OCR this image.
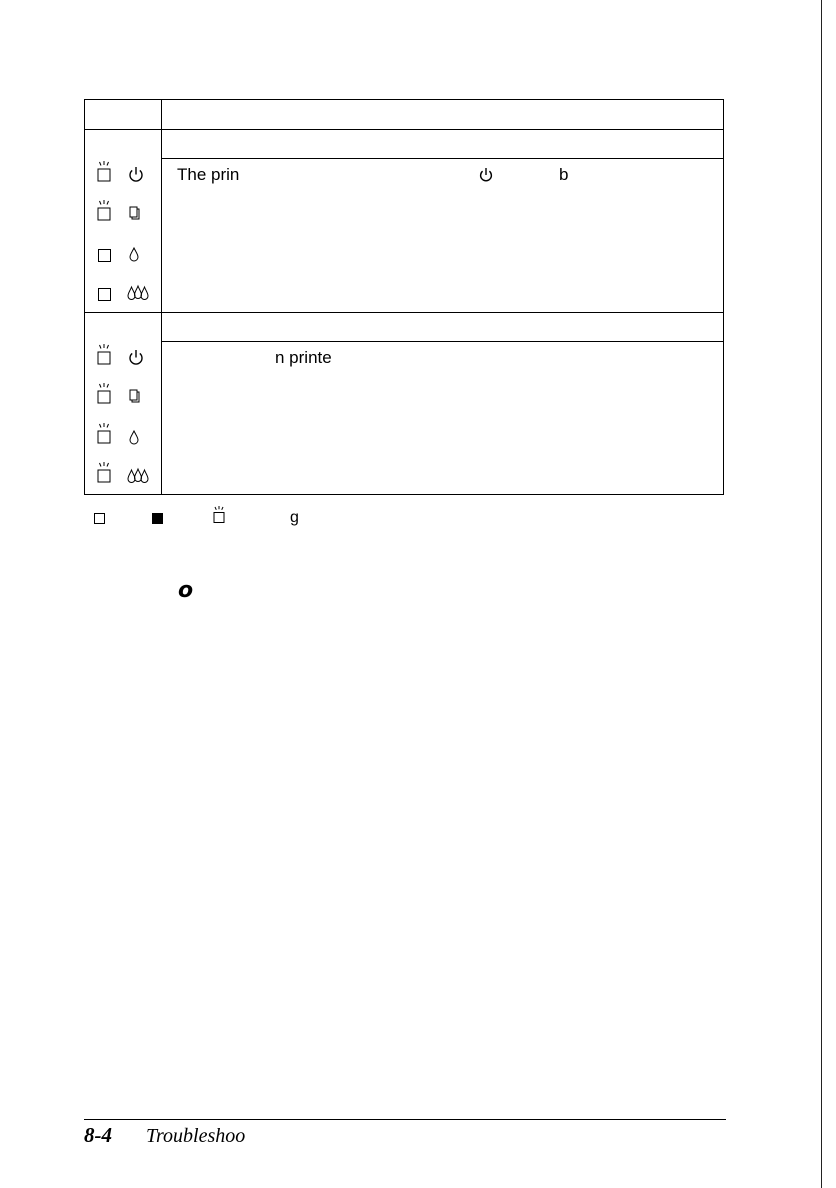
The prin	b
n printe
g
o
8-4 Troubleshoo
